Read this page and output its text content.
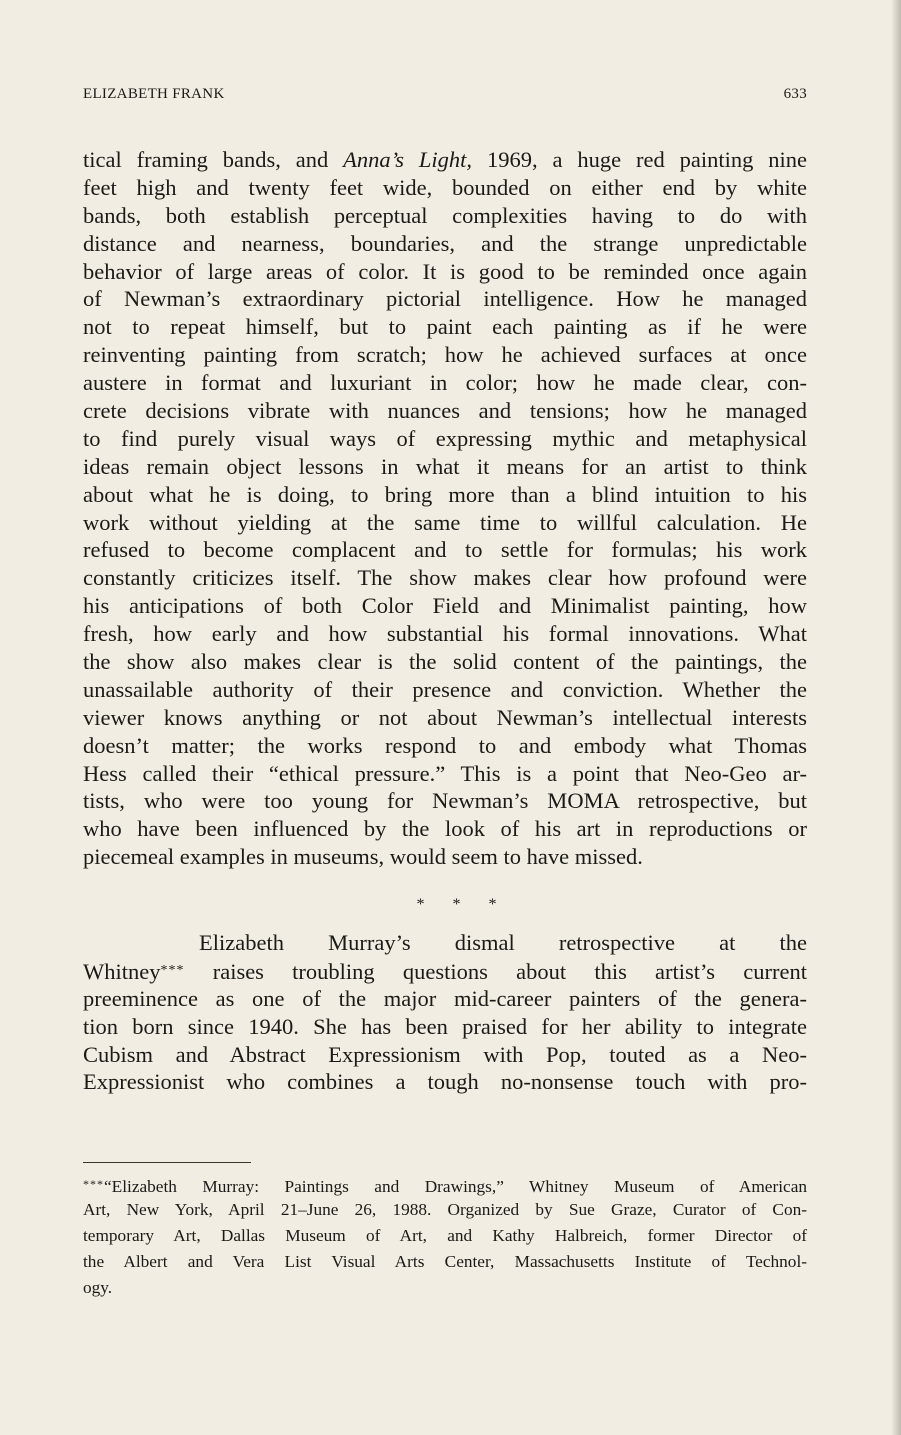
ELIZABETH FRANK	633
tical framing bands, and Anna’s Light, 1969, a huge red painting nine
feet high and twenty feet wide, bounded on either end by white
bands, both establish perceptual complexities having to do with
distance and nearness, boundaries, and the strange unpredictable
behavior of large areas of color. It is good to be reminded once again
of Newman’s extraordinary pictorial intelligence. How he managed
not to repeat himself, but to paint each painting as if he were
reinventing painting from scratch; how he achieved surfaces at once
austere in format and luxuriant in color; how he made clear, con-
crete decisions vibrate with nuances and tensions; how he managed
to find purely visual ways of expressing mythic and metaphysical
ideas remain object lessons in what it means for an artist to think
about what he is doing, to bring more than a blind intuition to his
work without yielding at the same time to willful calculation. He
refused to become complacent and to settle for formulas; his work
constantly criticizes itself. The show makes clear how profound were
his anticipations of both Color Field and Minimalist painting, how
fresh, how early and how substantial his formal innovations. What
the show also makes clear is the solid content of the paintings, the
unassailable authority of their presence and conviction. Whether the
viewer knows anything or not about Newman’s intellectual interests
doesn’t matter; the works respond to and embody what Thomas
Hess called their “ethical pressure.” This is a point that Neo-Geo ar-
tists, who were too young for Newman’s MOMA retrospective, but
who have been influenced by the look of his art in reproductions or
piecemeal examples in museums, would seem to have missed.
* * *
Elizabeth Murray’s dismal retrospective at the
Whitney*** raises troubling questions about this artist’s current
preeminence as one of the major mid-career painters of the genera-
tion born since 1940. She has been praised for her ability to integrate
Cubism and Abstract Expressionism with Pop, touted as a Neo-
Expressionist who combines a tough no-nonsense touch with pro-
***“Elizabeth Murray: Paintings and Drawings,” Whitney Museum of American
Art, New York, April 21–June 26, 1988. Organized by Sue Graze, Curator of Con-
temporary Art, Dallas Museum of Art, and Kathy Halbreich, former Director of
the Albert and Vera List Visual Arts Center, Massachusetts Institute of Technol-
ogy.
